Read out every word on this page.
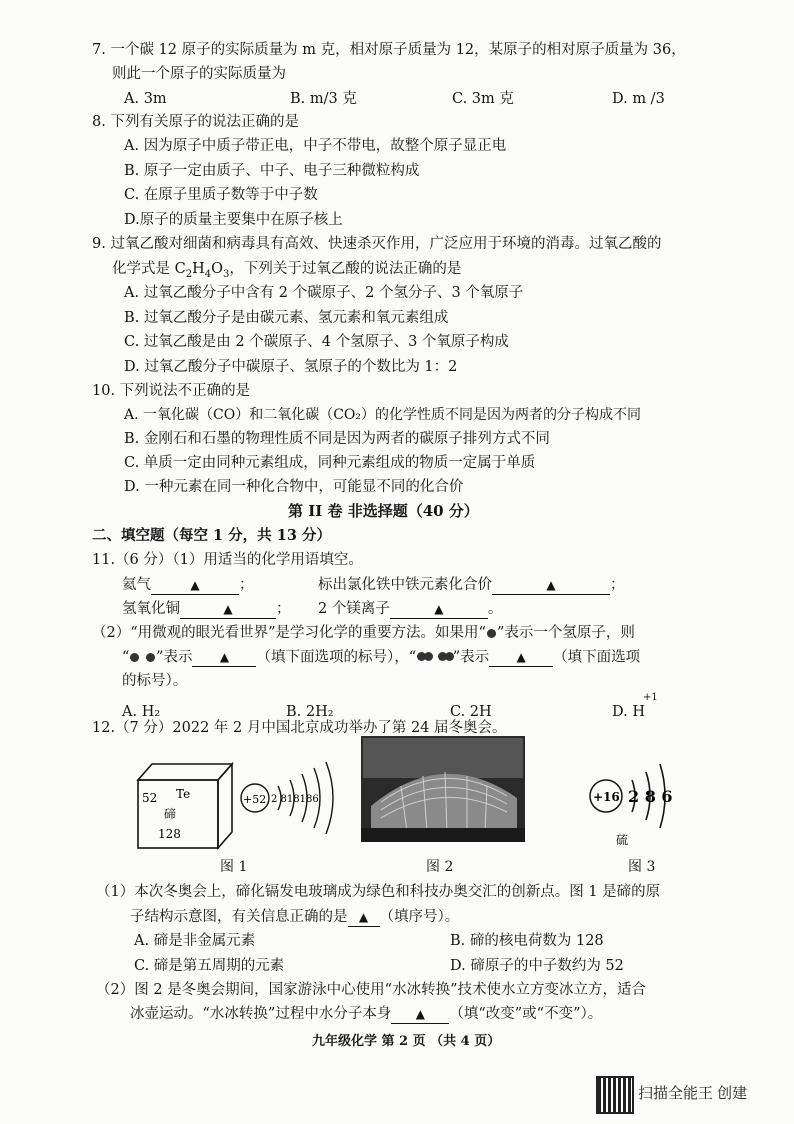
7. 一个碳 12 原子的实际质量为 m 克，相对原子质量为 12，某原子的相对原子质量为 36，
则此一个原子的实际质量为
A. 3m	B. m/3 克	C. 3m 克	D. m /3
8. 下列有关原子的说法正确的是
A. 因为原子中质子带正电，中子不带电，故整个原子显正电
B. 原子一定由质子、中子、电子三种微粒构成
C. 在原子里质子数等于中子数
D.原子的质量主要集中在原子核上
9. 过氧乙酸对细菌和病毒具有高效、快速杀灭作用，广泛应用于环境的消毒。过氧乙酸的
化学式是 $C_2H_4O_3$，下列关于过氧乙酸的说法正确的是
A. 过氧乙酸分子中含有 2 个碳原子、2 个氢分子、3 个氧原子
B. 过氧乙酸分子是由碳元素、氢元素和氧元素组成
C. 过氧乙酸是由 2 个碳原子、4 个氢原子、3 个氧原子构成
D. 过氧乙酸分子中碳原子、氢原子的个数比为 1：2
10. 下列说法不正确的是
A. 一氧化碳（CO）和二氧化碳（CO₂）的化学性质不同是因为两者的分子构成不同
B. 金刚石和石墨的物理性质不同是因为两者的碳原子排列方式不同
C. 单质一定由同种元素组成，同种元素组成的物质一定属于单质
D. 一种元素在同一种化合物中，可能显不同的化合价
第 II 卷 非选择题（40 分）
二、填空题（每空 1 分，共 13 分）
11.（6 分）（1）用适当的化学用语填空。
氦气	▲	；	标出氯化铁中铁元素化合价	▲	；
氢氧化铜	▲	； 2 个镁离子	▲	。
（2）“用微观的眼光看世界”是学习化学的重要方法。如果用“ ”表示一个氢原子，则
“ ”表示 ▲ （填下面选项的标号），“	”表示 ▲ （填下面选项
的标号）。
A. H₂	B. 2H₂	C. 2H	D. H
+1
12.（7 分）2022 年 2 月中国北京成功举办了第 24 届冬奥会。
52 Te
碲
128
+52 2 818186	+16 2 8 6
硫
图 1	图 2	图 3
（1）本次冬奥会上，碲化镉发电玻璃成为绿色和科技办奥交汇的创新点。图 1 是碲的原
子结构示意图，有关信息正确的是 ▲ （填序号）。
A. 碲是非金属元素	B. 碲的核电荷数为 128
C. 碲是第五周期的元素	D. 碲原子的中子数约为 52
（2）图 2 是冬奥会期间，国家游泳中心使用“水冰转换”技术使水立方变冰立方，适合
冰壶运动。“水冰转换”过程中水分子本身 ▲ （填“改变”或“不变”）。
九年级化学 第 2 页 （共 4 页）
扫描全能王 创建
